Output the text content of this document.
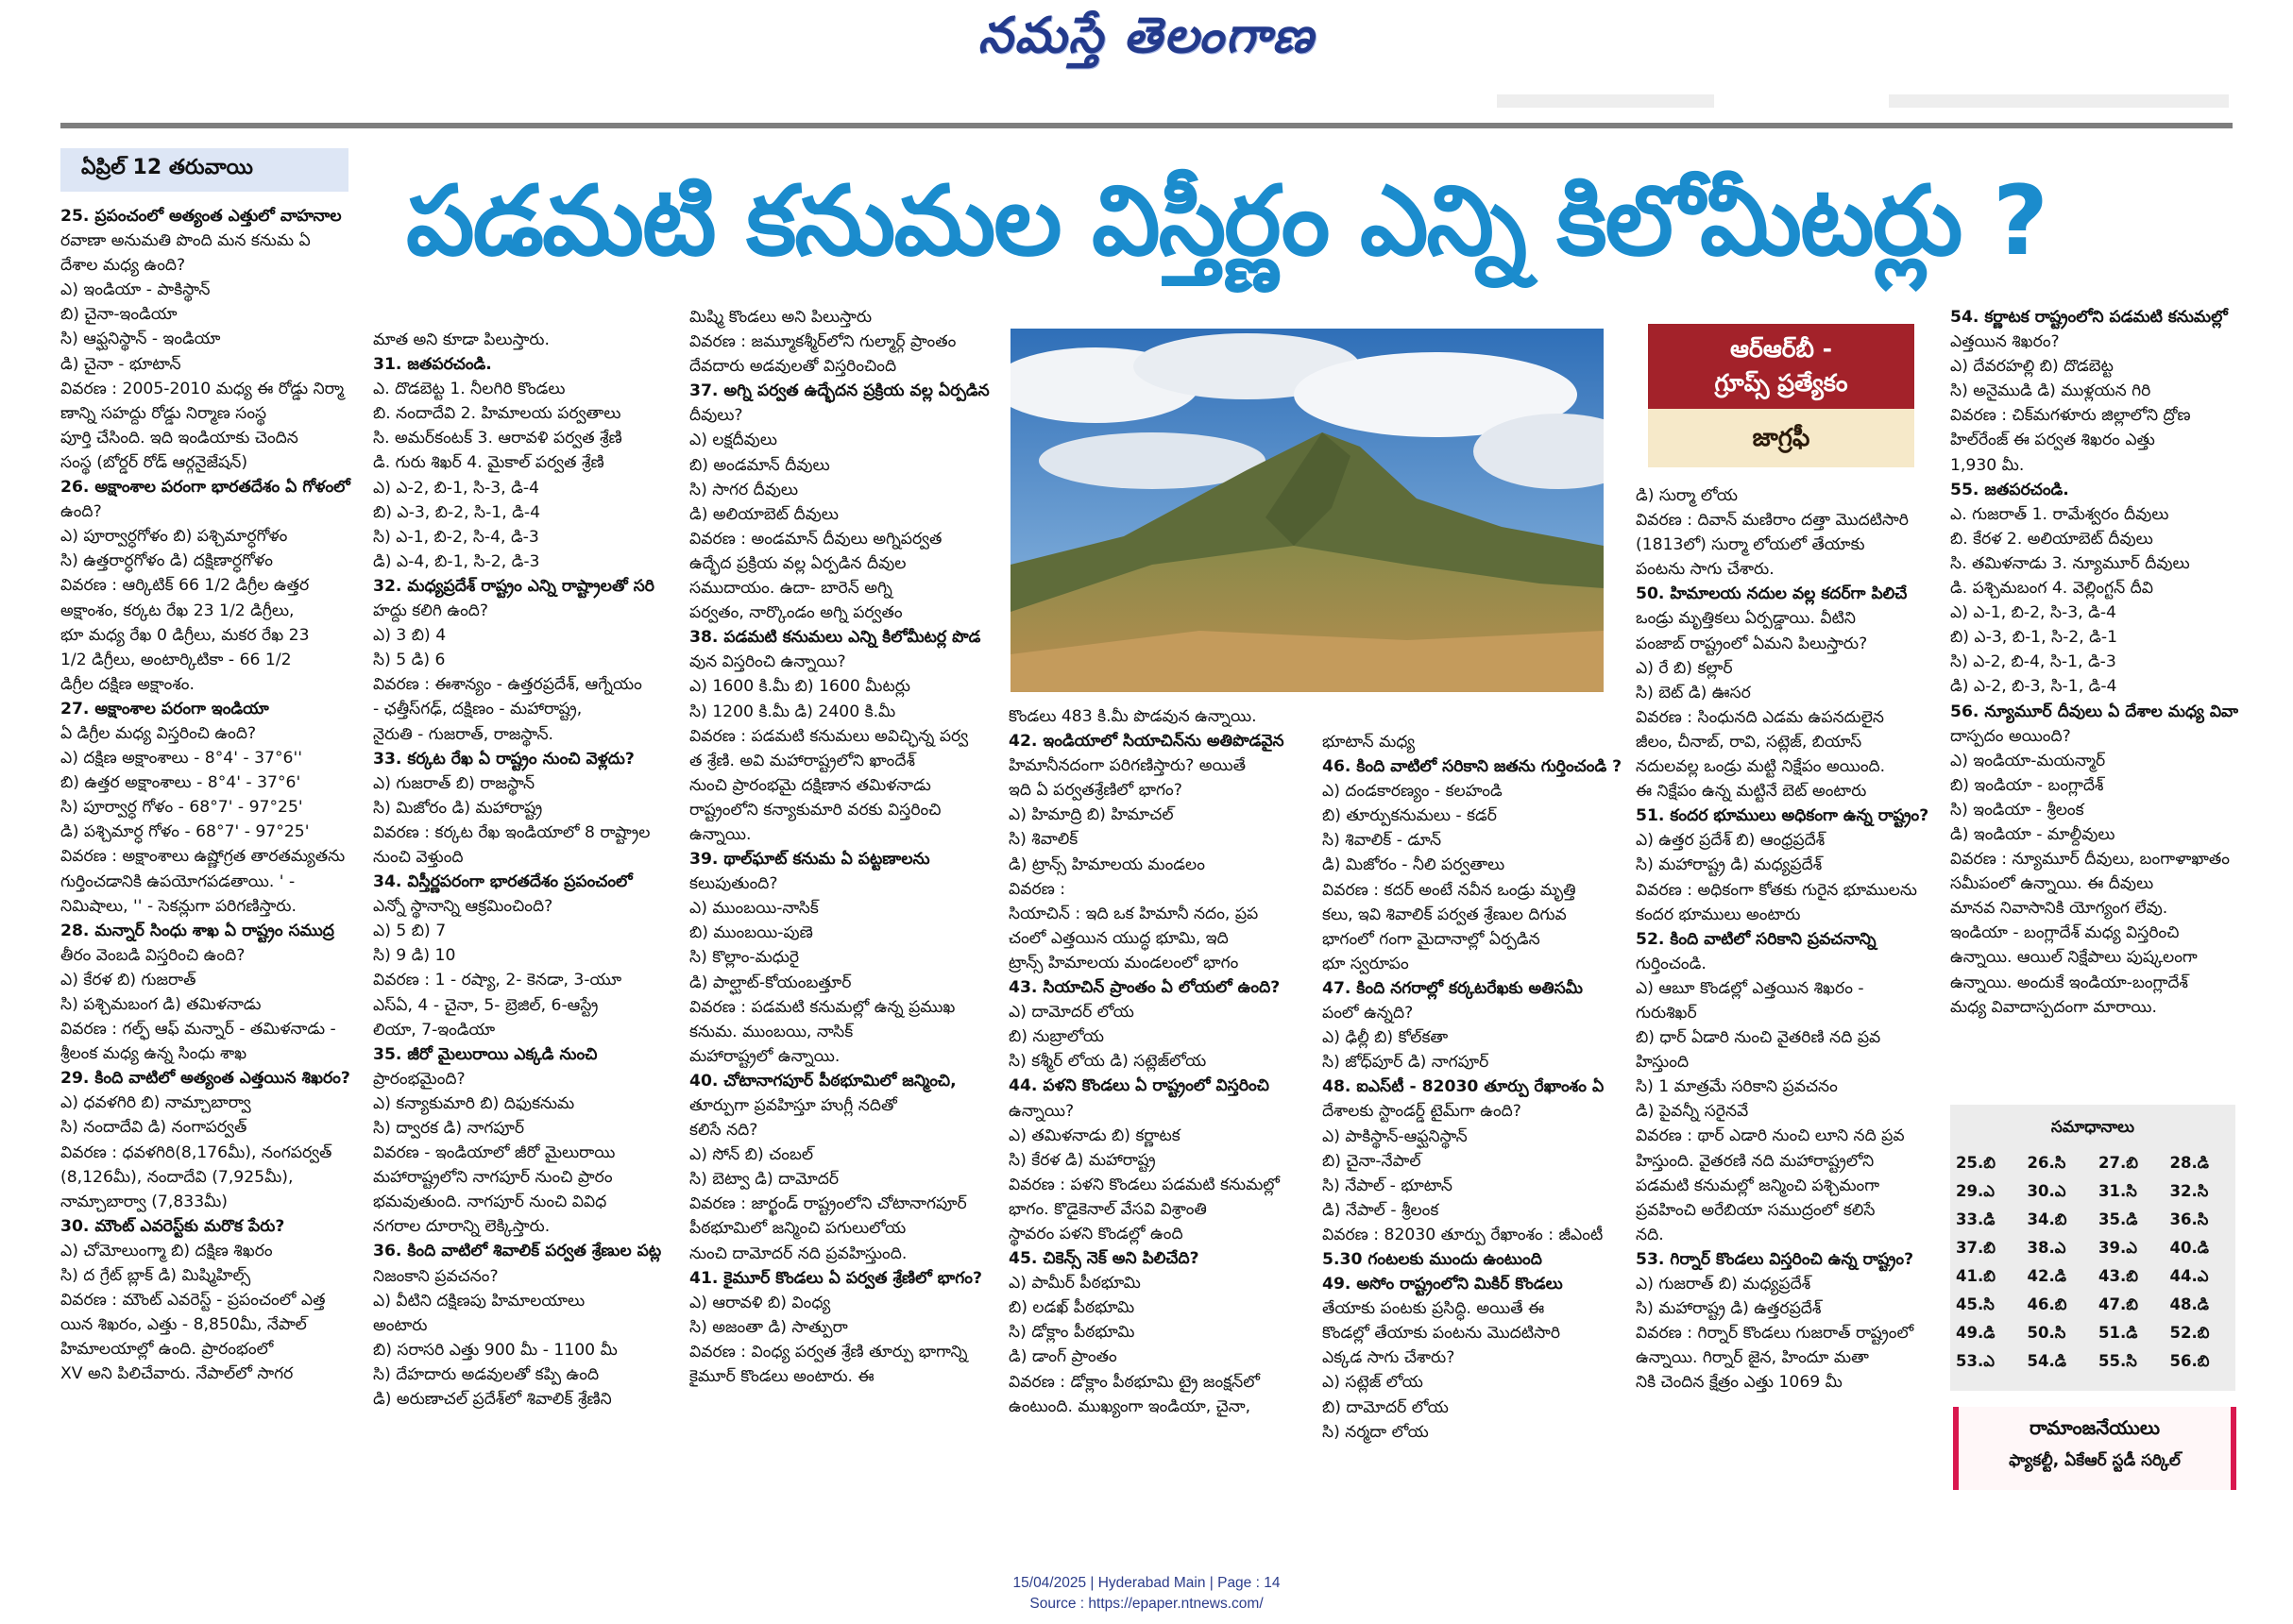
నమస్తే తెలంగాణ
ఏప్రిల్ 12 తరువాయి	పడమటి కనుమల విస్తీర్ణం ఎన్ని కిలోమీటర్లు ?
25. ప్రపంచంలో అత్యంత ఎత్తులో వాహనాల
రవాణా అనుమతి పొంది మన కనుమ ఏ
దేశాల మధ్య ఉంది?
ఎ) ఇండియా - పాకిస్థాన్
బి) చైనా-ఇండియా
సి) ఆఫ్ఘనిస్థాన్ - ఇండియా
డి) చైనా - భూటాన్
వివరణ : 2005-2010 మధ్య ఈ రోడ్డు నిర్మా
ణాన్ని సహద్దు రోడ్డు నిర్మాణ సంస్థ
పూర్తి చేసింది. ఇది ఇండియాకు చెందిన
సంస్థ (బోర్డర్ రోడ్ ఆర్గనైజేషన్)
26. అక్షాంశాల పరంగా భారతదేశం ఏ గోళంలో
ఉంది?
ఎ) పూర్వార్ధగోళం బి) పశ్చిమార్ధగోళం
సి) ఉత్తరార్ధగోళం డి) దక్షిణార్ధగోళం
వివరణ : ఆర్కిటిక్ 66 1/2 డిగ్రీల ఉత్తర
అక్షాంశం, కర్కట రేఖ 23 1/2 డిగ్రీలు,
భూ మధ్య రేఖ 0 డిగ్రీలు, మకర రేఖ 23
1/2 డిగ్రీలు, అంటార్కిటికా - 66 1/2
డిగ్రీల దక్షిణ అక్షాంశం.
27. అక్షాంశాల పరంగా ఇండియా
ఏ డిగ్రీల మధ్య విస్తరించి ఉంది?
ఎ) దక్షిణ అక్షాంశాలు - 8°4' - 37°6''
బి) ఉత్తర అక్షాంశాలు - 8°4' - 37°6'
సి) పూర్వార్ధ గోళం - 68°7' - 97°25'
డి) పశ్చిమార్ధ గోళం - 68°7' - 97°25'
వివరణ : అక్షాంశాలు ఉష్ణోగ్రత తారతమ్యతను
గుర్తించడానికి ఉపయోగపడతాయి. ' -
నిమిషాలు, '' - సెకన్లుగా పరిగణిస్తారు.
28. మన్నార్ సింధు శాఖ ఏ రాష్ట్రం సముద్ర
తీరం వెంబడి విస్తరించి ఉంది?
ఎ) కేరళ బి) గుజరాత్
సి) పశ్చిమబంగ డి) తమిళనాడు
వివరణ : గల్ఫ్ ఆఫ్ మన్నార్ - తమిళనాడు -
శ్రీలంక మధ్య ఉన్న సింధు శాఖ
29. కింది వాటిలో అత్యంత ఎత్తయిన శిఖరం?
ఎ) ధవళగిరి బి) నామ్చాబార్వా
సి) నందాదేవి డి) నంగాపర్వత్
వివరణ : ధవళగిరి(8,176మీ), నంగపర్వత్
(8,126మీ), నందాదేవి (7,925మీ),
నామ్చాబార్వా (7,833మీ)
30. మౌంట్ ఎవరెస్ట్‌కు మరొక పేరు?
ఎ) చోమోలుంగ్మా బి) దక్షిణ శిఖరం
సి) ద గ్రేట్ బ్లాక్ డి) మిష్మిహిల్స్
వివరణ : మౌంట్ ఎవరెస్ట్ - ప్రపంచంలో ఎత్త
యిన శిఖరం, ఎత్తు - 8,850మీ, నేపాల్
హిమాలయాల్లో ఉంది. ప్రారంభంలో
XV అని పిలిచేవారు. నేపాల్‌లో సాగర
మాత అని కూడా పిలుస్తారు.
31. జతపరచండి.
ఎ. దొడబెట్ట 1. నీలగిరి కొండలు
బి. నందాదేవి 2. హిమాలయ పర్వతాలు
సి. అమర్‌కంటక్ 3. ఆరావళి పర్వత శ్రేణి
డి. గురు శిఖర్ 4. మైకాల్ పర్వత శ్రేణి
ఎ) ఎ-2, బి-1, సి-3, డి-4
బి) ఎ-3, బి-2, సి-1, డి-4
సి) ఎ-1, బి-2, సి-4, డి-3
డి) ఎ-4, బి-1, సి-2, డి-3
32. మధ్యప్రదేశ్ రాష్ట్రం ఎన్ని రాష్ట్రాలతో సరి
హద్దు కలిగి ఉంది?
ఎ) 3 బి) 4
సి) 5 డి) 6
వివరణ : ఈశాన్యం - ఉత్తరప్రదేశ్, ఆగ్నేయం
- ఛత్తీస్‌గఢ్, దక్షిణం - మహారాష్ట్ర,
నైరుతి - గుజరాత్, రాజస్థాన్.
33. కర్కట రేఖ ఏ రాష్ట్రం నుంచి వెళ్లదు?
ఎ) గుజరాత్ బి) రాజస్థాన్
సి) మిజోరం డి) మహారాష్ట్ర
వివరణ : కర్కట రేఖ ఇండియాలో 8 రాష్ట్రాల
నుంచి వెళ్తుంది
34. విస్తీర్ణపరంగా భారతదేశం ప్రపంచంలో
ఎన్నో స్థానాన్ని ఆక్రమించింది?
ఎ) 5 బి) 7
సి) 9 డి) 10
వివరణ : 1 - రష్యా, 2- కెనడా, 3-యూ
ఎస్ఏ, 4 - చైనా, 5- బ్రెజిల్, 6-ఆస్ట్రే
లియా, 7-ఇండియా
35. జీరో మైలురాయి ఎక్కడి నుంచి
ప్రారంభమైంది?
ఎ) కన్యాకుమారి బి) దిఫుకనుమ
సి) ద్వారక డి) నాగపూర్
వివరణ - ఇండియాలో జీరో మైలురాయి
మహారాష్ట్రలోని నాగపూర్ నుంచి ప్రారం
భమవుతుంది. నాగపూర్ నుంచి వివిధ
నగరాల దూరాన్ని లెక్కిస్తారు.
36. కింది వాటిలో శివాలిక్ పర్వత శ్రేణుల పట్ల
నిజంకాని ప్రవచనం?
ఎ) వీటిని దక్షిణపు హిమాలయాలు
అంటారు
బి) సరాసరి ఎత్తు 900 మీ - 1100 మీ
సి) దేహదారు అడవులతో కప్పి ఉంది
డి) అరుణాచల్ ప్రదేశ్‌లో శివాలిక్ శ్రేణిని
మిష్మి కొండలు అని పిలుస్తారు
వివరణ : జమ్మూకశ్మీర్‌లోని గుల్మార్గ్ ప్రాంతం
దేవదారు అడవులతో విస్తరించింది
37. అగ్ని పర్వత ఉద్భేదన ప్రక్రియ వల్ల ఏర్పడిన
దీవులు?
ఎ) లక్షదీవులు
బి) అండమాన్ దీవులు
సి) సాగర దీవులు
డి) అలియాబెట్ దీవులు
వివరణ : అండమాన్ దీవులు అగ్నిపర్వత
ఉద్భేద ప్రక్రియ వల్ల ఏర్పడిన దీవుల
సముదాయం. ఉదా- బారెన్ అగ్ని
పర్వతం, నార్కొండం అగ్ని పర్వతం
38. పడమటి కనుమలు ఎన్ని కిలోమీటర్ల పొడ
వున విస్తరించి ఉన్నాయి?
ఎ) 1600 కి.మీ బి) 1600 మీటర్లు
సి) 1200 కి.మీ డి) 2400 కి.మీ
వివరణ : పడమటి కనుమలు అవిచ్ఛిన్న పర్వ
త శ్రేణి. అవి మహారాష్ట్రలోని ఖాందేశ్
నుంచి ప్రారంభమై దక్షిణాన తమిళనాడు
రాష్ట్రంలోని కన్యాకుమారి వరకు విస్తరించి
ఉన్నాయి.
39. థాల్‌ఘాట్ కనుమ ఏ పట్టణాలను
కలుపుతుంది?
ఎ) ముంబయి-నాసిక్
బి) ముంబయి-పుణె
సి) కొల్లాం-మధురై
డి) పాల్ఘాట్-కోయంబత్తూర్
వివరణ : పడమటి కనుమల్లో ఉన్న ప్రముఖ
కనుమ. ముంబయి, నాసిక్
మహారాష్ట్రలో ఉన్నాయి.
40. చోటానాగపూర్ పీఠభూమిలో జన్మించి,
తూర్పుగా ప్రవహిస్తూ హుగ్లీ నదితో
కలిసే నది?
ఎ) సోన్ బి) చంబల్
సి) బెట్వా డి) దామోదర్
వివరణ : జార్ఖండ్ రాష్ట్రంలోని చోటానాగపూర్
పీఠభూమిలో జన్మించి పగులులోయ
నుంచి దామోదర్ నది ప్రవహిస్తుంది.
41. కైమూర్ కొండలు ఏ పర్వత శ్రేణిలో భాగం?
ఎ) ఆరావళి బి) వింధ్య
సి) అజంతా డి) సాత్పురా
వివరణ : వింధ్య పర్వత శ్రేణి తూర్పు భాగాన్ని
కైమూర్ కొండలు అంటారు. ఈ
కొండలు 483 కి.మీ పొడవున ఉన్నాయి.
42. ఇండియాలో సియాచిన్‌ను అతిపొడవైన
హిమానీనదంగా పరిగణిస్తారు? అయితే
ఇది ఏ పర్వతశ్రేణిలో భాగం?
ఎ) హిమాద్రి బి) హిమాచల్
సి) శివాలిక్
డి) ట్రాన్స్ హిమాలయ మండలం
వివరణ :
సియాచిన్ : ఇది ఒక హిమానీ నదం, ప్రప
చంలో ఎత్తయిన యుద్ధ భూమి, ఇది
ట్రాన్స్ హిమాలయ మండలంలో భాగం
43. సియాచిన్ ప్రాంతం ఏ లోయలో ఉంది?
ఎ) దామోదర్ లోయ
బి) నుబ్రాలోయ
సి) కశ్మీర్ లోయ డి) సట్లెజ్‌లోయ
44. పళని కొండలు ఏ రాష్ట్రంలో విస్తరించి
ఉన్నాయి?
ఎ) తమిళనాడు బి) కర్ణాటక
సి) కేరళ డి) మహారాష్ట్ర
వివరణ : పళని కొండలు పడమటి కనుమల్లో
భాగం. కొడైకెనాల్ వేసవి విశ్రాంతి
స్థావరం పళని కొండల్లో ఉంది
45. చికెన్స్ నెక్ అని పిలిచేది?
ఎ) పామీర్ పీఠభూమి
బి) లడఖ్ పీఠభూమి
సి) డోక్లాం పీఠభూమి
డి) డాంగ్ ప్రాంతం
వివరణ : డోక్లాం పీఠభూమి ట్రై జంక్షన్‌లో
ఉంటుంది. ముఖ్యంగా ఇండియా, చైనా,
భూటాన్ మధ్య
46. కింది వాటిలో సరికాని జతను గుర్తించండి ?
ఎ) దండకారణ్యం - కలహండి
బి) తూర్పుకనుమలు - కడర్
సి) శివాలిక్ - డూన్
డి) మిజోరం - నీలి పర్వతాలు
వివరణ : కదర్ అంటే నవీన ఒండ్రు మృత్తి
కలు, ఇవి శివాలిక్ పర్వత శ్రేణుల దిగువ
భాగంలో గంగా మైదానాల్లో ఏర్పడిన
భూ స్వరూపం
47. కింది నగరాల్లో కర్కటరేఖకు అతిసమీ
పంలో ఉన్నది?
ఎ) ఢిల్లీ బి) కోల్‌కతా
సి) జోధ్‌పూర్ డి) నాగపూర్
48. ఐఎస్‌టీ - 82030 తూర్పు రేఖాంశం ఏ
దేశాలకు స్టాండర్డ్ టైమ్‌గా ఉంది?
ఎ) పాకిస్థాన్-ఆఫ్ఘనిస్థాన్
బి) చైనా-నేపాల్
సి) నేపాల్ - భూటాన్
డి) నేపాల్ - శ్రీలంక
వివరణ : 82030 తూర్పు రేఖాంశం : జీఎంటీ
5.30 గంటలకు ముందు ఉంటుంది
49. అసోం రాష్ట్రంలోని మికిర్ కొండలు
తేయాకు పంటకు ప్రసిద్ధి. అయితే ఈ
కొండల్లో తేయాకు పంటను మొదటిసారి
ఎక్కడ సాగు చేశారు?
ఎ) సట్లెజ్ లోయ
బి) దామోదర్ లోయ
సి) నర్మదా లోయ
డి) సుర్మా లోయ
వివరణ : దివాన్ మణిరాం దత్తా మొదటిసారి
(1813లో) సుర్మా లోయలో తేయాకు
పంటను సాగు చేశారు.
50. హిమాలయ నదుల వల్ల కదర్‌గా పిలిచే
ఒండ్రు మృత్తికలు ఏర్పడ్డాయి. వీటిని
పంజాబ్ రాష్ట్రంలో ఏమని పిలుస్తారు?
ఎ) రే బి) కల్లార్
సి) బెట్ డి) ఊసర
వివరణ : సింధునది ఎడమ ఉపనదులైన
జీలం, చీనాబ్, రావి, సట్లెజ్, బియాస్
నదులవల్ల ఒండ్రు మట్టి నిక్షేపం అయింది.
ఈ నిక్షేపం ఉన్న మట్టినే బెట్ అంటారు
51. కందర భూములు అధికంగా ఉన్న రాష్ట్రం?
ఎ) ఉత్తర ప్రదేశ్ బి) ఆంధ్రప్రదేశ్
సి) మహారాష్ట్ర డి) మధ్యప్రదేశ్
వివరణ : అధికంగా కోతకు గురైన భూములను
కందర భూములు అంటారు
52. కింది వాటిలో సరికాని ప్రవచనాన్ని
గుర్తించండి.
ఎ) ఆబూ కొండల్లో ఎత్తయిన శిఖరం -
గురుశిఖర్
బి) ధార్ ఏడారి నుంచి వైతరిణి నది ప్రవ
హిస్తుంది
సి) 1 మాత్రమే సరికాని ప్రవచనం
డి) పైవన్నీ సరైనవే
వివరణ : థార్ ఎడారి నుంచి లూని నది ప్రవ
హిస్తుంది. వైతరణి నది మహారాష్ట్రలోని
పడమటి కనుమల్లో జన్మించి పశ్చిమంగా
ప్రవహించి అరేబియా సముద్రంలో కలిసే
నది.
53. గిర్నార్ కొండలు విస్తరించి ఉన్న రాష్ట్రం?
ఎ) గుజరాత్ బి) మధ్యప్రదేశ్
సి) మహారాష్ట్ర డి) ఉత్తరప్రదేశ్
వివరణ : గిర్నార్ కొండలు గుజరాత్ రాష్ట్రంలో
ఉన్నాయి. గిర్నార్ జైన, హిందూ మతా
నికి చెందిన క్షేత్రం ఎత్తు 1069 మీ
54. కర్ణాటక రాష్ట్రంలోని పడమటి కనుమల్లో
ఎత్తయిన శిఖరం?
ఎ) దేవరహల్లి బి) దొడబెట్ట
సి) అనైముడి డి) ముళ్లయన గిరి
వివరణ : చిక్‌మగళూరు జిల్లాలోని ద్రోణ
హిల్‌రేంజ్ ఈ పర్వత శిఖరం ఎత్తు
1,930 మీ.
55. జతపరచండి.
ఎ. గుజరాత్ 1. రామేశ్వరం దీవులు
బి. కేరళ 2. అలియాబెట్ దీవులు
సి. తమిళనాడు 3. న్యూమూర్ దీవులు
డి. పశ్చిమబంగ 4. వెల్లింగ్టన్ దీవి
ఎ) ఎ-1, బి-2, సి-3, డి-4
బి) ఎ-3, బి-1, సి-2, డి-1
సి) ఎ-2, బి-4, సి-1, డి-3
డి) ఎ-2, బి-3, సి-1, డి-4
56. న్యూమూర్ దీవులు ఏ దేశాల మధ్య వివా
దాస్పదం అయింది?
ఎ) ఇండియా-మయన్మార్
బి) ఇండియా - బంగ్లాదేశ్
సి) ఇండియా - శ్రీలంక
డి) ఇండియా - మాల్దీవులు
వివరణ : న్యూమూర్ దీవులు, బంగాళాఖాతం
సమీపంలో ఉన్నాయి. ఈ దీవులు
మానవ నివాసానికి యోగ్యంగ లేవు.
ఇండియా - బంగ్లాదేశ్ మధ్య విస్తరించి
ఉన్నాయి. ఆయిల్ నిక్షేపాలు పుష్కలంగా
ఉన్నాయి. అందుకే ఇండియా-బంగ్లాదేశ్
మధ్య వివాదాస్పదంగా మారాయి.
ఆర్ఆర్‌బీ -
గ్రూప్స్ ప్రత్యేకం
జాగ్రఫీ
సమాధానాలు
25.బి	26.సి	27.బి	28.డి
29.ఎ	30.ఎ	31.సి	32.సి
33.డి	34.బి	35.డి	36.సి
37.బి	38.ఎ	39.ఎ	40.డి
41.బి	42.డి	43.బి	44.ఎ
45.సి	46.బి	47.బి	48.డి
49.డి	50.సి	51.డి	52.బి
53.ఎ	54.డి	55.సి	56.బి
రామాంజనేయులు
ఫ్యాకల్టీ, ఏకేఆర్ స్టడీ సర్కిల్
15/04/2025 | Hyderabad Main | Page : 14
Source : https://epaper.ntnews.com/
